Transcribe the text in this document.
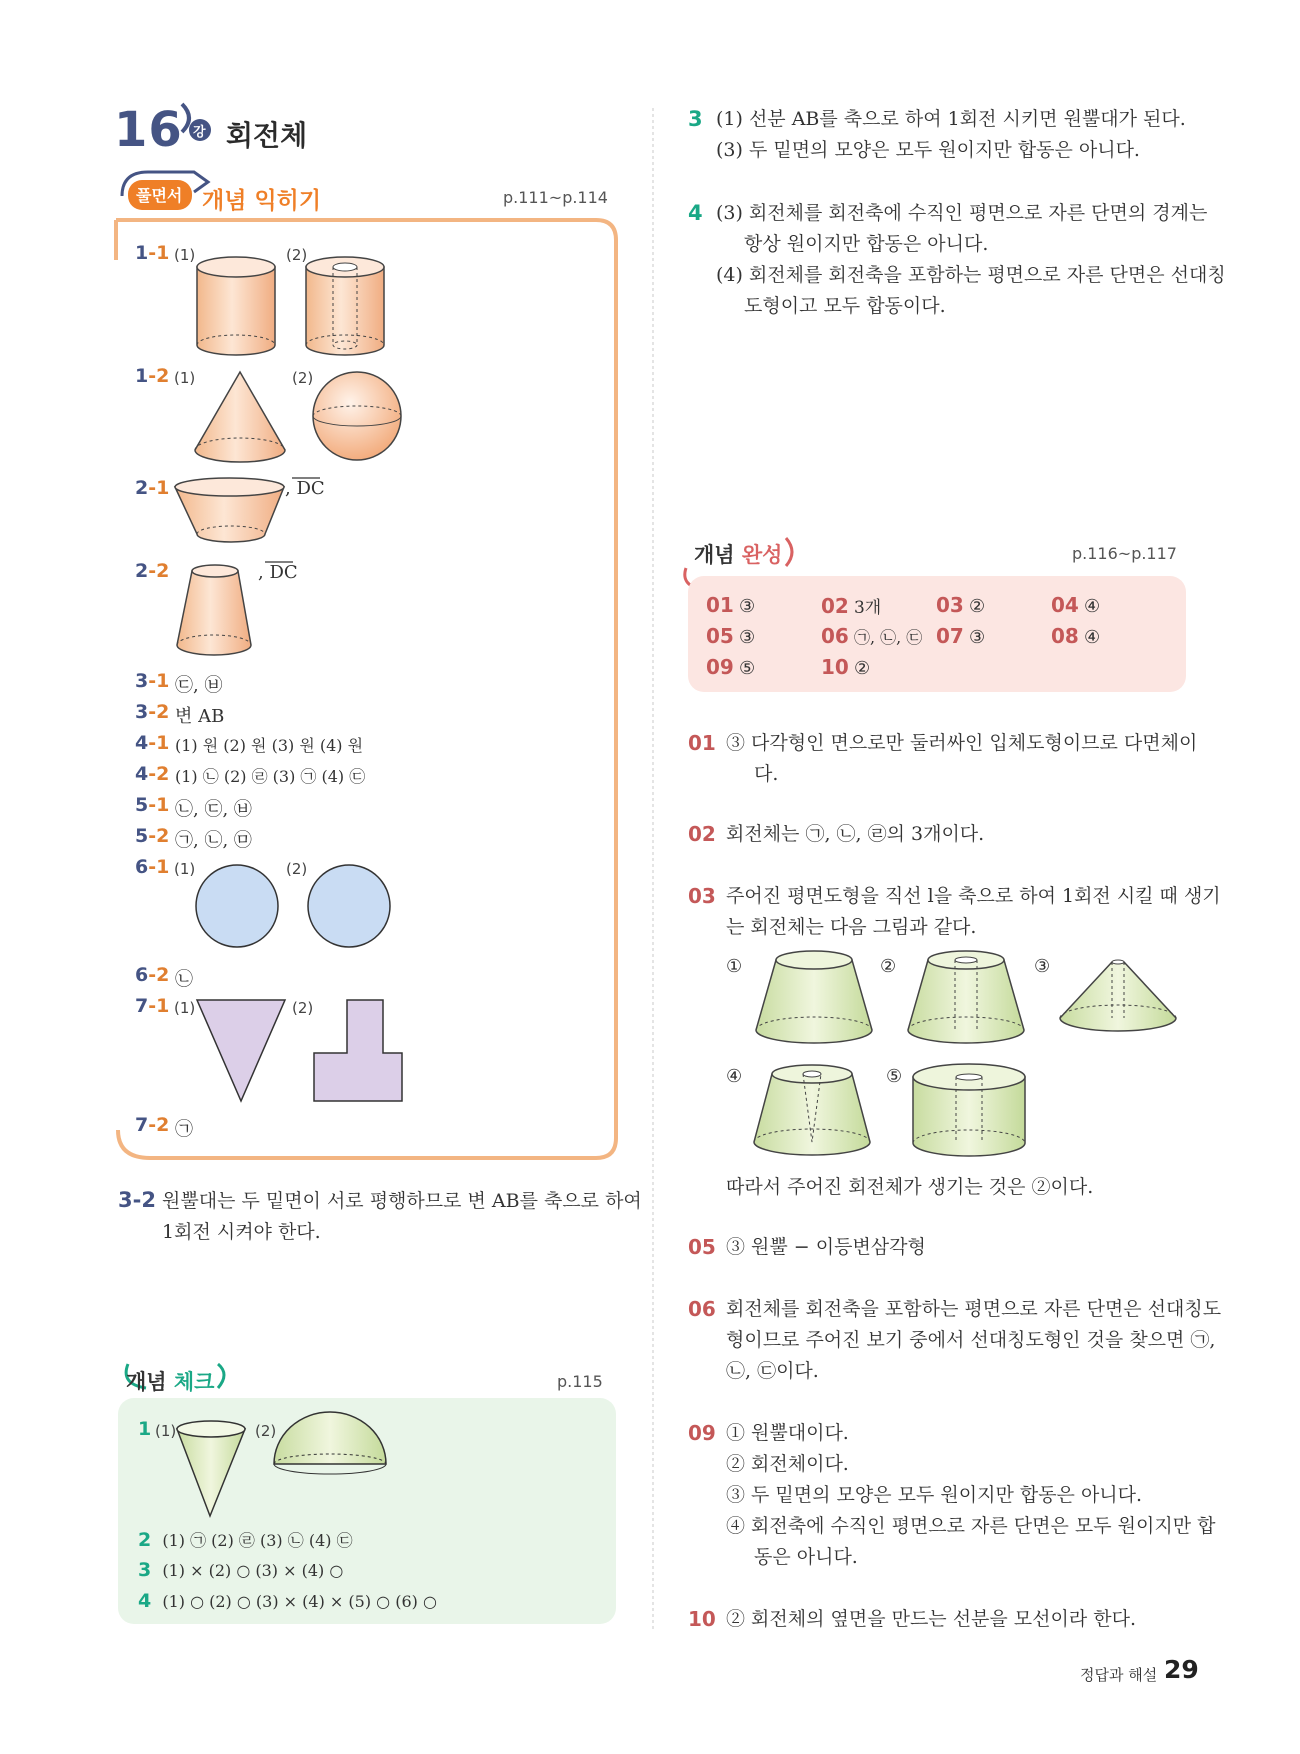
16 강 회전체
풀면서 개념 익히기	p.111~p.114
1-1 (1)	(2)
1-2 (1)	(2)
2-1	, DC
2-2	, DC
3-1 ㉢, ㉥
3-2 변 AB
4-1 (1) 원 (2) 원 (3) 원 (4) 원
4-2 (1) ㉡ (2) ㉣ (3) ㉠ (4) ㉢
5-1 ㉡, ㉢, ㉥
5-2 ㉠, ㉡, ㉤
6-1 (1)	(2)
6-2 ㉡
7-1 (1)	(2)
7-2 ㉠
3-2 원뿔대는 두 밑면이 서로 평행하므로 변 AB를 축으로 하여
1회전 시켜야 한다.
개념 체크	p.115
1 (1)	(2)
2 (1) ㉠ (2) ㉣ (3) ㉡ (4) ㉢
3 (1) × (2) ○ (3) × (4) ○
4 (1) ○ (2) ○ (3) × (4) × (5) ○ (6) ○
3 (1) 선분 AB를 축으로 하여 1회전 시키면 원뿔대가 된다.
(3) 두 밑면의 모양은 모두 원이지만 합동은 아니다.
4 (3) 회전체를 회전축에 수직인 평면으로 자른 단면의 경계는
항상 원이지만 합동은 아니다.
(4) 회전체를 회전축을 포함하는 평면으로 자른 단면은 선대칭
도형이고 모두 합동이다.
개념 완성	p.116~p.117
01 ③	02 3개	03 ②	04 ④
05 ③	06 ㉠, ㉡, ㉢ 07 ③	08 ④
09 ⑤	10 ②
01 ③ 다각형인 면으로만 둘러싸인 입체도형이므로 다면체이
다.
02 회전체는 ㉠, ㉡, ㉣의 3개이다.
03 주어진 평면도형을 직선 l을 축으로 하여 1회전 시킬 때 생기
는 회전체는 다음 그림과 같다.
①	②	③
④	⑤
따라서 주어진 회전체가 생기는 것은 ②이다.
05 ③ 원뿔 − 이등변삼각형
06 회전체를 회전축을 포함하는 평면으로 자른 단면은 선대칭도
형이므로 주어진 보기 중에서 선대칭도형인 것을 찾으면 ㉠,
㉡, ㉢이다.
09 ① 원뿔대이다.
② 회전체이다.
③ 두 밑면의 모양은 모두 원이지만 합동은 아니다.
④ 회전축에 수직인 평면으로 자른 단면은 모두 원이지만 합
동은 아니다.
10 ② 회전체의 옆면을 만드는 선분을 모선이라 한다.
정답과 해설 29
